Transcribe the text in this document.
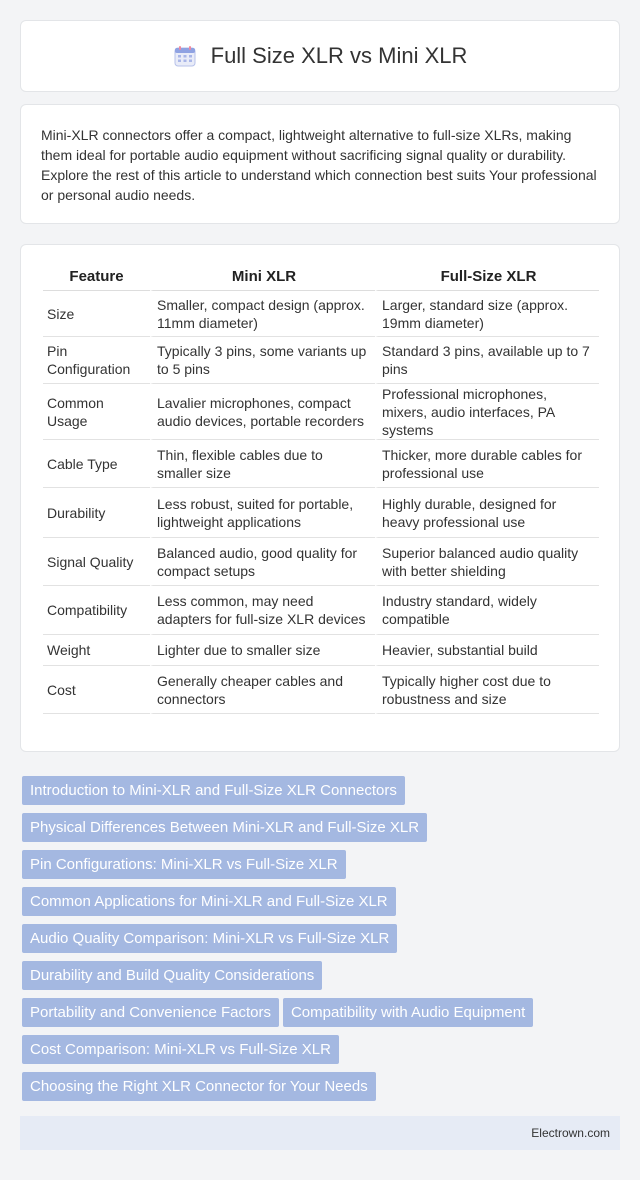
Full Size XLR vs Mini XLR

Mini-XLR connectors offer a compact, lightweight alternative to full-size XLRs, making them ideal for portable audio equipment without sacrificing signal quality or durability. Explore the rest of this article to understand which connection best suits Your professional or personal audio needs.

Feature	Mini XLR	Full-Size XLR
Size	Smaller, compact design (approx. 11mm diameter)	Larger, standard size (approx. 19mm diameter)
Pin Configuration	Typically 3 pins, some variants up to 5 pins	Standard 3 pins, available up to 7 pins
Common Usage	Lavalier microphones, compact audio devices, portable recorders	Professional microphones, mixers, audio interfaces, PA systems
Cable Type	Thin, flexible cables due to smaller size	Thicker, more durable cables for professional use
Durability	Less robust, suited for portable, lightweight applications	Highly durable, designed for heavy professional use
Signal Quality	Balanced audio, good quality for compact setups	Superior balanced audio quality with better shielding
Compatibility	Less common, may need adapters for full-size XLR devices	Industry standard, widely compatible
Weight	Lighter due to smaller size	Heavier, substantial build
Cost	Generally cheaper cables and connectors	Typically higher cost due to robustness and size
Introduction to Mini-XLR and Full-Size XLR Connectors
Physical Differences Between Mini-XLR and Full-Size XLR
Pin Configurations: Mini-XLR vs Full-Size XLR
Common Applications for Mini-XLR and Full-Size XLR
Audio Quality Comparison: Mini-XLR vs Full-Size XLR
Durability and Build Quality Considerations
Portability and Convenience Factors Compatibility with Audio Equipment
Cost Comparison: Mini-XLR vs Full-Size XLR
Choosing the Right XLR Connector for Your Needs

Electrown.com
